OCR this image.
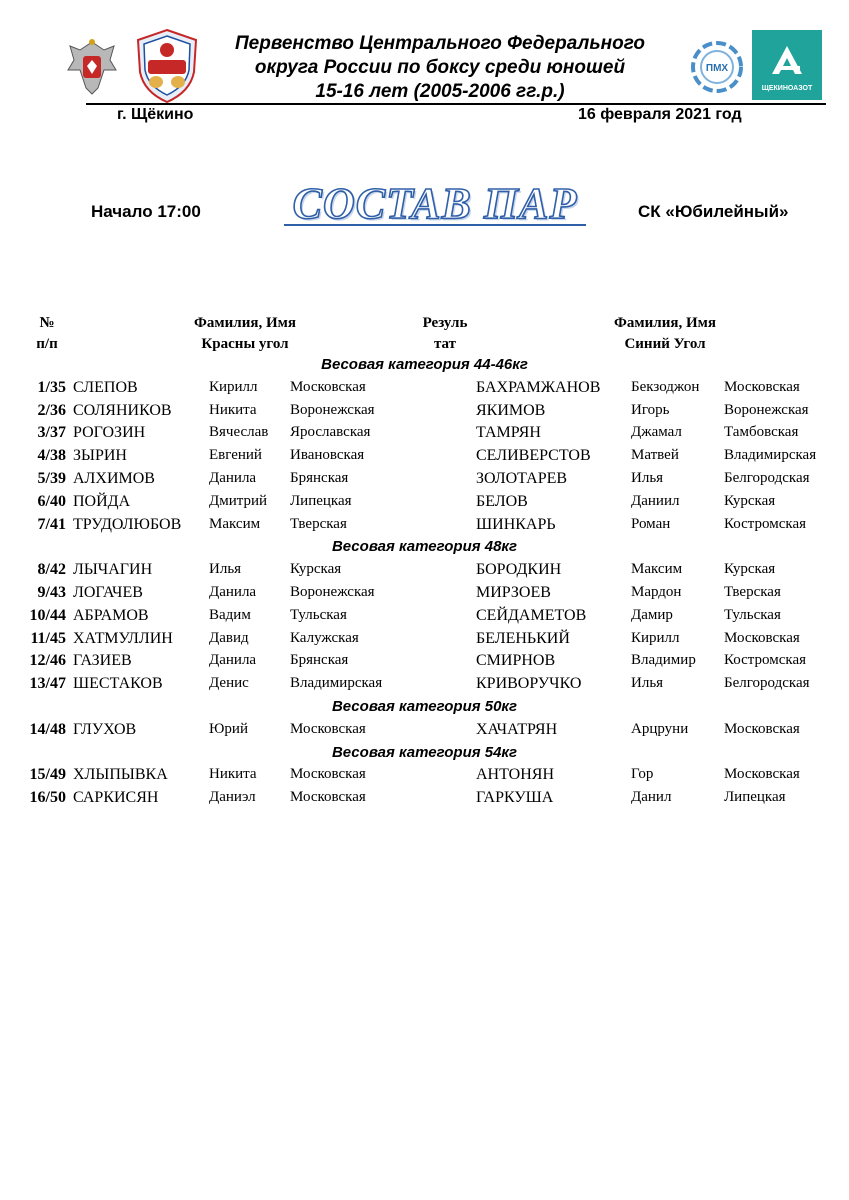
ПМХ
ЩЕКИНОАЗОТ
Первенство Центрального Федерального
округа России по боксу среди юношей
15-16 лет (2005-2006 гг.р.)
г. Щёкино	16 февраля 2021 год
Начало 17:00 СОСТАВ ПАР	СК «Юбилейный»
№
п/п
Фамилия, Имя
Красны угол
Резуль
тат
Фамилия, Имя
Синий Угол
Весовая категория 44-46кг
1/35 СЛЕПОВ	Кирилл Московская	БАХРАМЖАНОВ Бекзоджон Московская
2/36 СОЛЯНИКОВ Никита Воронежская	ЯКИМОВ	Игорь	Воронежская
3/37 РОГОЗИН	Вячеслав Ярославская	ТАМРЯН	Джамал	Тамбовская
4/38 ЗЫРИН	Евгений Ивановская	СЕЛИВЕРСТОВ	Матвей	Владимирская
5/39 АЛХИМОВ	Данила Брянская	ЗОЛОТАРЕВ	Илья	Белгородская
6/40 ПОЙДА	Дмитрий Липецкая	БЕЛОВ	Даниил	Курская
7/41 ТРУДОЛЮБОВ Максим Тверская	ШИНКАРЬ	Роман	Костромская
Весовая категория 48кг
8/42 ЛЫЧАГИН	Илья	Курская	БОРОДКИН	Максим	Курская
9/43 ЛОГАЧЕВ	Данила Воронежская	МИРЗОЕВ	Мардон	Тверская
10/44 АБРАМОВ	Вадим	Тульская	СЕЙДАМЕТОВ	Дамир	Тульская
11/45 ХАТМУЛЛИН Давид	Калужская	БЕЛЕНЬКИЙ	Кирилл	Московская
12/46 ГАЗИЕВ	Данила Брянская	СМИРНОВ	Владимир Костромская
13/47 ШЕСТАКОВ	Денис	Владимирская	КРИВОРУЧКО	Илья	Белгородская
Весовая категория 50кг
14/48 ГЛУХОВ	Юрий	Московская	ХАЧАТРЯН	Арцруни Московская
Весовая категория 54кг
15/49 ХЛЫПЫВКА	Никита Московская	АНТОНЯН	Гор	Московская
16/50 САРКИСЯН	Даниэл Московская	ГАРКУША	Данил	Липецкая
